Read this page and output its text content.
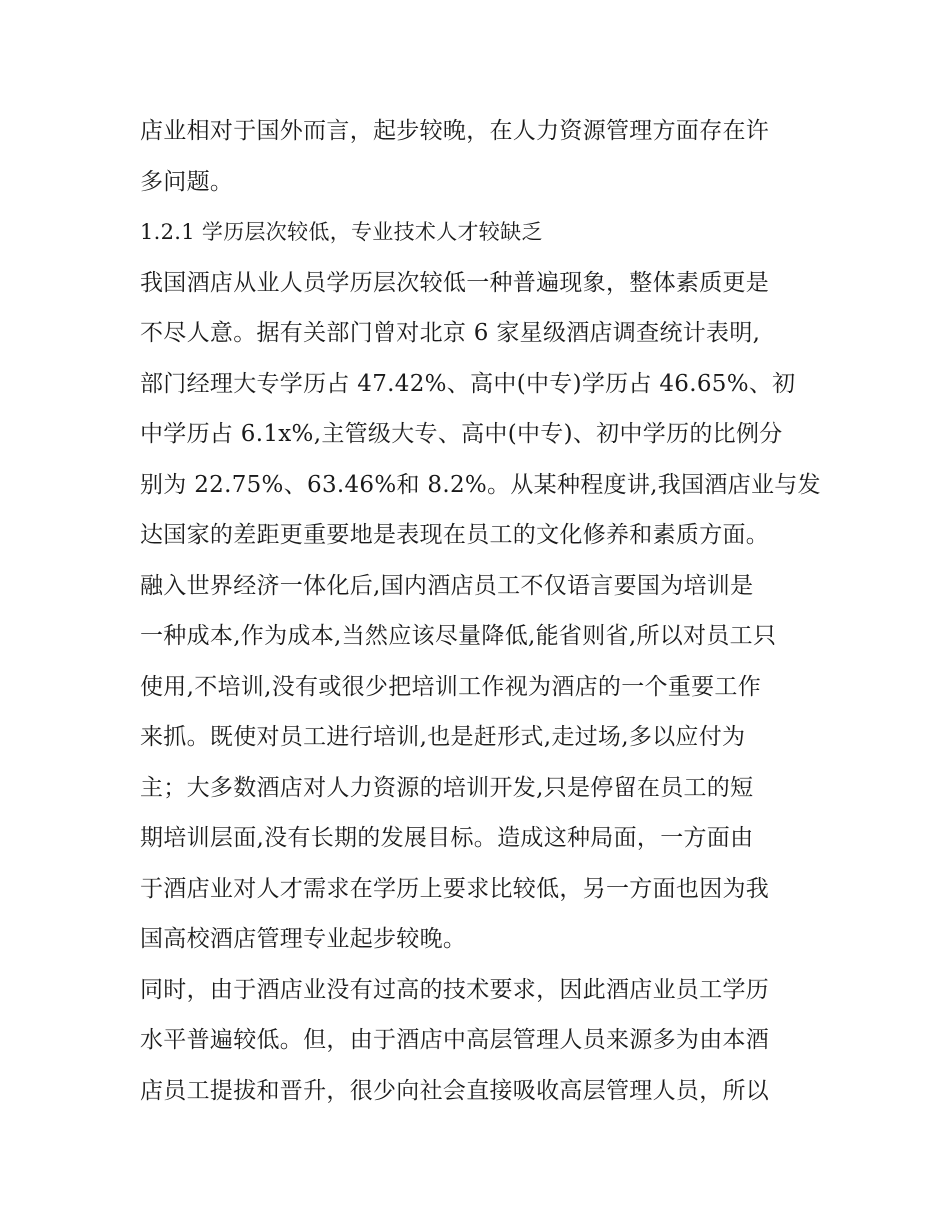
店业相对于国外而言，起步较晚，在人力资源管理方面存在许
多问题。
1.2.1 学历层次较低，专业技术人才较缺乏
我国酒店从业人员学历层次较低一种普遍现象，整体素质更是
不尽人意。据有关部门曾对北京 6 家星级酒店调查统计表明,
部门经理大专学历占 47.42%、高中(中专)学历占 46.65%、初
中学历占 6.1x%,主管级大专、高中(中专)、初中学历的比例分
别为 22.75%、63.46%和 8.2%。从某种程度讲,我国酒店业与发
达国家的差距更重要地是表现在员工的文化修养和素质方面。
融入世界经济一体化后,国内酒店员工不仅语言要国为培训是
一种成本,作为成本,当然应该尽量降低,能省则省,所以对员工只
使用,不培训,没有或很少把培训工作视为酒店的一个重要工作
来抓。既使对员工进行培训,也是赶形式,走过场,多以应付为
主；大多数酒店对人力资源的培训开发,只是停留在员工的短
期培训层面,没有长期的发展目标。造成这种局面，一方面由
于酒店业对人才需求在学历上要求比较低，另一方面也因为我
国高校酒店管理专业起步较晚。
同时，由于酒店业没有过高的技术要求，因此酒店业员工学历
水平普遍较低。但，由于酒店中高层管理人员来源多为由本酒
店员工提拔和晋升，很少向社会直接吸收高层管理人员，所以
